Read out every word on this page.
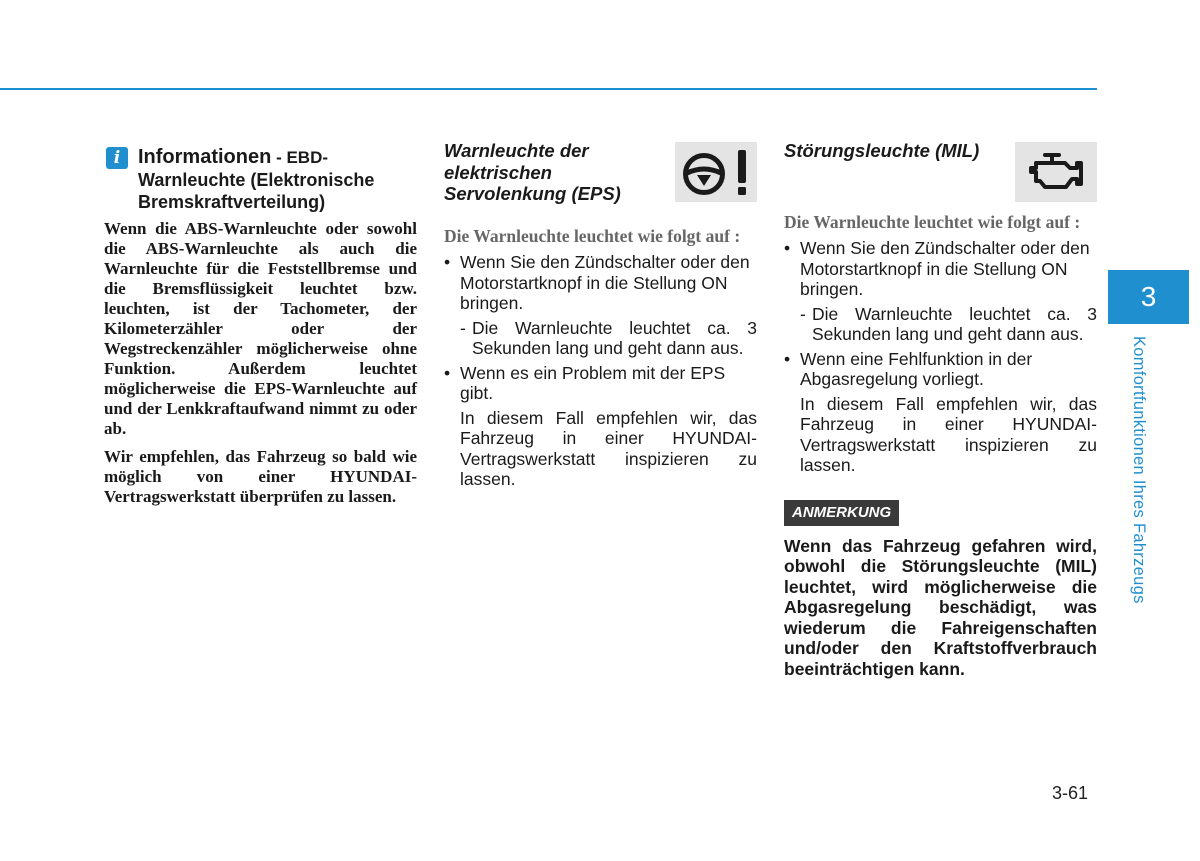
i Informationen - EBD-
Warnleuchte (Elektronische Bremskraftverteilung)

Wenn die ABS-Warnleuchte oder sowohl die ABS-Warnleuchte als auch die Warnleuchte für die Feststellbremse und die Bremsflüssigkeit leuchtet bzw. leuchten, ist der Tachometer, der Kilometerzähler oder der Wegstreckenzähler möglicherweise ohne Funktion. Außerdem leuchtet möglicherweise die EPS-Warnleuchte auf und der Lenkkraftaufwand nimmt zu oder ab.

Wir empfehlen, das Fahrzeug so bald wie möglich von einer HYUNDAI-Vertragswerkstatt überprüfen zu lassen.

Warnleuchte der elektrischen Servolenkung (EPS)

Die Warnleuchte leuchtet wie folgt auf :

• Wenn Sie den Zündschalter oder den Motorstartknopf in die Stellung ON bringen.
- Die Warnleuchte leuchtet ca. 3 Sekunden lang und geht dann aus.
• Wenn es ein Problem mit der EPS gibt.

In diesem Fall empfehlen wir, das Fahrzeug in einer HYUNDAI-Vertragswerkstatt inspizieren zu lassen.

Störungsleuchte (MIL)

Die Warnleuchte leuchtet wie folgt auf :

• Wenn Sie den Zündschalter oder den Motorstartknopf in die Stellung ON bringen.
- Die Warnleuchte leuchtet ca. 3 Sekunden lang und geht dann aus.
• Wenn eine Fehlfunktion in der Abgasregelung vorliegt.

In diesem Fall empfehlen wir, das Fahrzeug in einer HYUNDAI-Vertragswerkstatt inspizieren zu lassen.

ANMERKUNG

Wenn das Fahrzeug gefahren wird, obwohl die Störungsleuchte (MIL) leuchtet, wird möglicherweise die Abgasregelung beschädigt, was wiederum die Fahreigenschaften und/oder den Kraftstoffverbrauch beeinträchtigen kann.

3
Komfortfunktionen Ihres Fahrzeugs
3-61
